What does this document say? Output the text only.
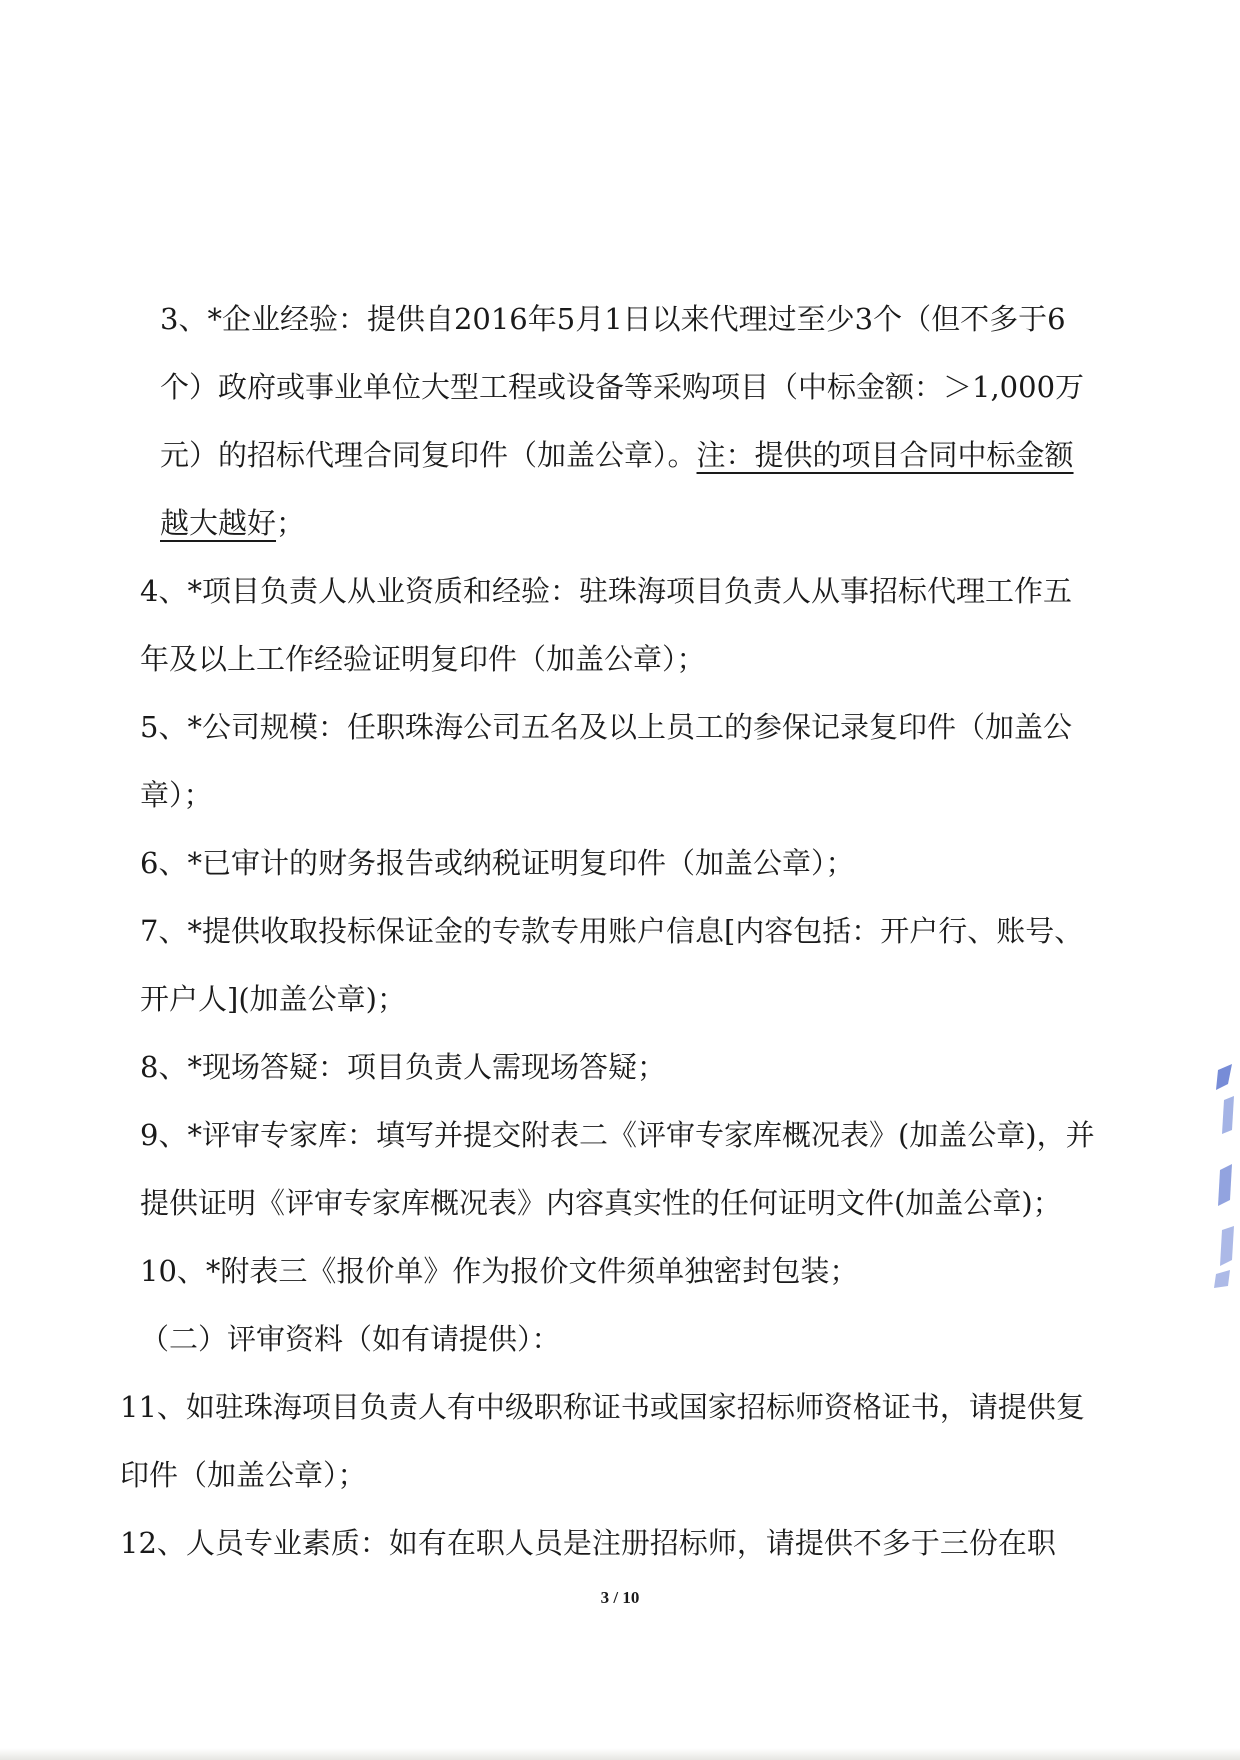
3、*企业经验：提供自2016年5月1日以来代理过至少3个（但不多于6个）政府或事业单位大型工程或设备等采购项目（中标金额：＞1,000万元）的招标代理合同复印件（加盖公章）。注：提供的项目合同中标金额越大越好；

4、*项目负责人从业资质和经验：驻珠海项目负责人从事招标代理工作五年及以上工作经验证明复印件（加盖公章）；

5、*公司规模：任职珠海公司五名及以上员工的参保记录复印件（加盖公章）；

6、*已审计的财务报告或纳税证明复印件（加盖公章）；

7、*提供收取投标保证金的专款专用账户信息[内容包括：开户行、账号、开户人](加盖公章)；

8、*现场答疑：项目负责人需现场答疑；

9、*评审专家库：填写并提交附表二《评审专家库概况表》(加盖公章)，并提供证明《评审专家库概况表》内容真实性的任何证明文件(加盖公章)；

10、*附表三《报价单》作为报价文件须单独密封包装；

（二）评审资料（如有请提供）：

11、如驻珠海项目负责人有中级职称证书或国家招标师资格证书，请提供复印件（加盖公章）；

12、人员专业素质：如有在职人员是注册招标师，请提供不多于三份在职

3 / 10
